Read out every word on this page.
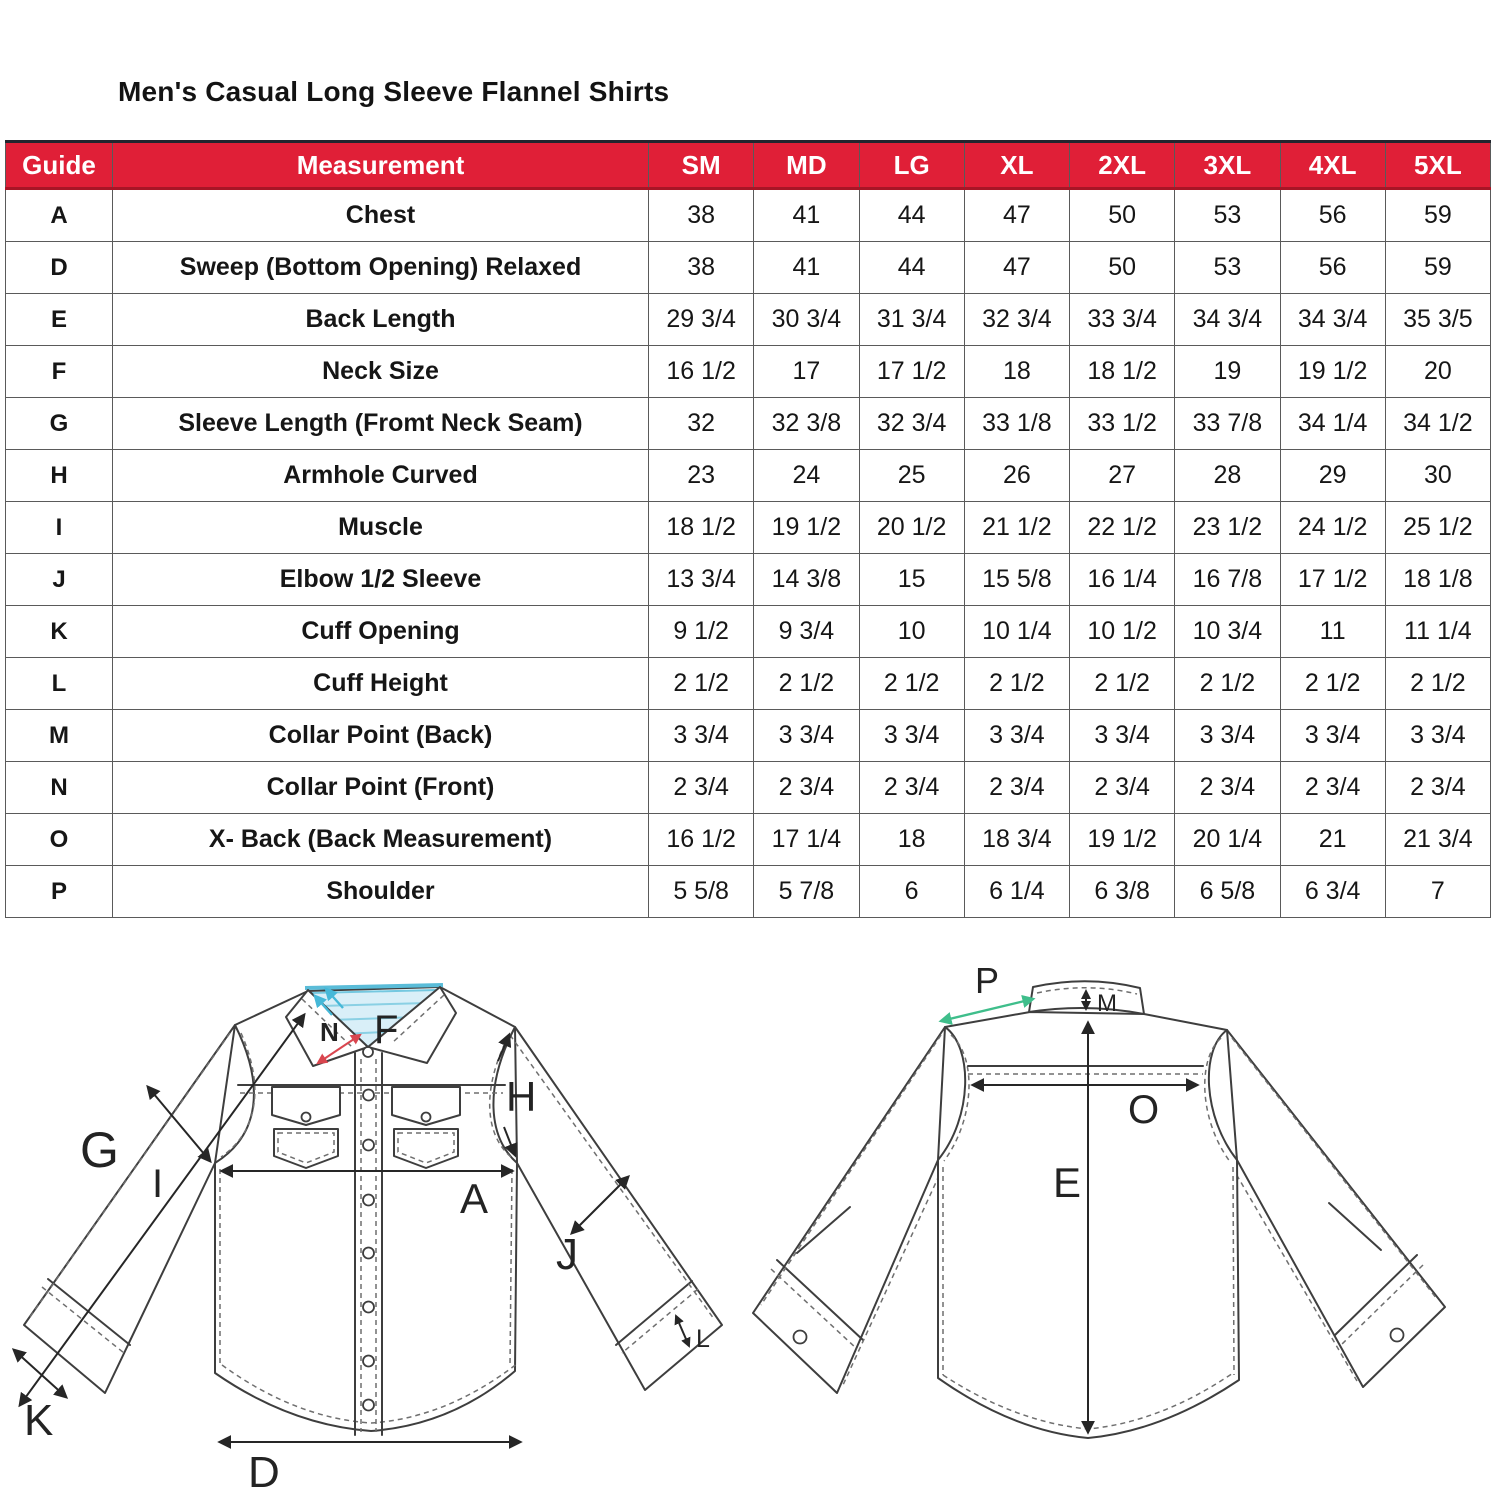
Men's Casual Long Sleeve Flannel Shirts
Guide	Measurement	SM	MD	LG	XL	2XL	3XL	4XL	5XL
A	Chest	38	41	44	47	50	53	56	59
D	Sweep (Bottom Opening) Relaxed	38	41	44	47	50	53	56	59
E	Back Length	29 3/4	30 3/4	31 3/4	32 3/4	33 3/4	34 3/4	34 3/4	35 3/5
F	Neck Size	16 1/2	17	17 1/2	18	18 1/2	19	19 1/2	20
G	Sleeve Length (Fromt Neck Seam)	32	32 3/8	32 3/4	33 1/8	33 1/2	33 7/8	34 1/4	34 1/2
H	Armhole Curved	23	24	25	26	27	28	29	30
I	Muscle	18 1/2	19 1/2	20 1/2	21 1/2	22 1/2	23 1/2	24 1/2	25 1/2
J	Elbow 1/2 Sleeve	13 3/4	14 3/8	15	15 5/8	16 1/4	16 7/8	17 1/2	18 1/8
K	Cuff Opening	9 1/2	9 3/4	10	10 1/4	10 1/2	10 3/4	11	11 1/4
L	Cuff Height	2 1/2	2 1/2	2 1/2	2 1/2	2 1/2	2 1/2	2 1/2	2 1/2
M	Collar Point (Back)	3 3/4	3 3/4	3 3/4	3 3/4	3 3/4	3 3/4	3 3/4	3 3/4
N	Collar Point (Front)	2 3/4	2 3/4	2 3/4	2 3/4	2 3/4	2 3/4	2 3/4	2 3/4
O	X- Back (Back Measurement)	16 1/2	17 1/4	18	18 3/4	19 1/2	20 1/4	21	21 3/4
P	Shoulder	5 5/8	5 7/8	6	6 1/4	6 3/8	6 5/8	6 3/4	7
A
D
G
I
H
J
K
L
N F
M
P
O
E
